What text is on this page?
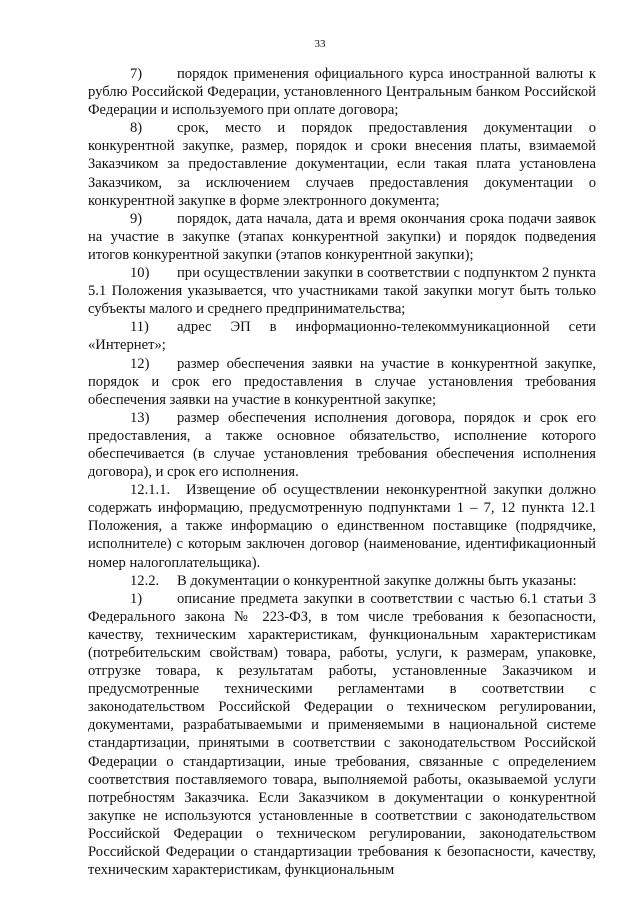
33

7) порядок применения официального курса иностранной валюты к рублю Российской Федерации, установленного Центральным банком Российской Федерации и используемого при оплате договора;

8) срок, место и порядок предоставления документации о конкурентной закупке, размер, порядок и сроки внесения платы, взимаемой Заказчиком за предоставление документации, если такая плата установлена Заказчиком, за исключением случаев предоставления документации о конкурентной закупке в форме электронного документа;

9) порядок, дата начала, дата и время окончания срока подачи заявок на участие в закупке (этапах конкурентной закупки) и порядок подведения итогов конкурентной закупки (этапов конкурентной закупки);

10) при осуществлении закупки в соответствии с подпунктом 2 пункта 5.1 Положения указывается, что участниками такой закупки могут быть только субъекты малого и среднего предпринимательства;

11) адрес ЭП в информационно-телекоммуникационной сети «Интернет»;

12) размер обеспечения заявки на участие в конкурентной закупке, порядок и срок его предоставления в случае установления требования обеспечения заявки на участие в конкурентной закупке;

13) размер обеспечения исполнения договора, порядок и срок его предоставления, а также основное обязательство, исполнение которого обеспечивается (в случае установления требования обеспечения исполнения договора), и срок его исполнения.

12.1.1. Извещение об осуществлении неконкурентной закупки должно содержать информацию, предусмотренную подпунктами 1 – 7, 12 пункта 12.1 Положения, а также информацию о единственном поставщике (подрядчике, исполнителе) с которым заключен договор (наименование, идентификационный номер налогоплательщика).

12.2. В документации о конкурентной закупке должны быть указаны:

1) описание предмета закупки в соответствии с частью 6.1 статьи 3 Федерального закона № 223-ФЗ, в том числе требования к безопасности, качеству, техническим характеристикам, функциональным характеристикам (потребительским свойствам) товара, работы, услуги, к размерам, упаковке, отгрузке товара, к результатам работы, установленные Заказчиком и предусмотренные техническими регламентами в соответствии с законодательством Российской Федерации о техническом регулировании, документами, разрабатываемыми и применяемыми в национальной системе стандартизации, принятыми в соответствии с законодательством Российской Федерации о стандартизации, иные требования, связанные с определением соответствия поставляемого товара, выполняемой работы, оказываемой услуги потребностям Заказчика. Если Заказчиком в документации о конкурентной закупке не используются установленные в соответствии с законодательством Российской Федерации о техническом регулировании, законодательством Российской Федерации о стандартизации требования к безопасности, качеству, техническим характеристикам, функциональным
